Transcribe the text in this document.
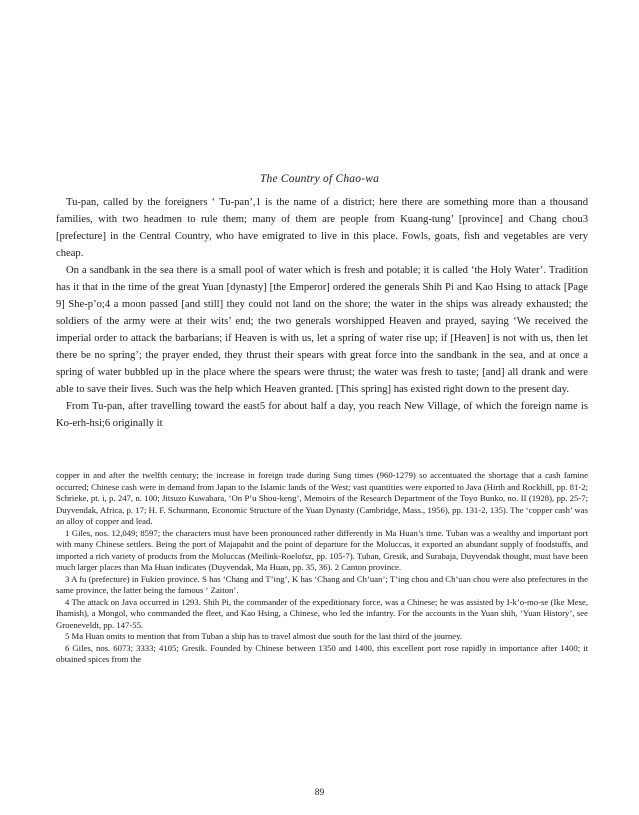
The Country of Chao-wa

Tu-pan, called by the foreigners ‘ Tu-pan’,1 is the name of a district; here there are something more than a thousand families, with two headmen to rule them; many of them are people from Kuang-tung’ [province] and Chang chou3 [prefecture] in the Central Country, who have emigrated to live in this place. Fowls, goats, fish and vegetables are very cheap.

On a sandbank in the sea there is a small pool of water which is fresh and potable; it is called ‘the Holy Water’. Tradition has it that in the time of the great Yuan [dynasty] [the Emperor] ordered the generals Shih Pi and Kao Hsing to attack [Page 9] She-p’o;4 a moon passed [and still] they could not land on the shore; the water in the ships was already exhausted; the soldiers of the army were at their wits’ end; the two generals worshipped Heaven and prayed, saying ‘We received the imperial order to attack the barbarians; if Heaven is with us, let a spring of water rise up; if [Heaven] is not with us, then let there be no spring’; the prayer ended, they thrust their spears with great force into the sandbank in the sea, and at once a spring of water bubbled up in the place where the spears were thrust; the water was fresh to taste; [and] all drank and were able to save their lives. Such was the help which Heaven granted. [This spring] has existed right down to the present day.

From Tu-pan, after travelling toward the east5 for about half a day, you reach New Village, of which the foreign name is Ko-erh-hsi;6 originally it

copper in and after the twelfth century; the increase in foreign trade during Sung times (960-1279) so accentuated the shortage that a cash famine occurred; Chinese cash were in demand from Japan to the Islamic lands of the West; vast quantities were exported to Java (Hirth and Rockhill, pp. 81-2; Schrieke, pt. i, p. 247, n. 100; Jitsuzo Kuwabara, ‘On P’u Shou-keng’, Memoirs of the Research Department of the Toyo Bunko, no. II (1928), pp. 25-7; Duyvendak, Africa, p. 17; H. F. Schurmann, Economic Structure of the Yuan Dynasty (Cambridge, Mass., 1956), pp. 131-2, 135). The ‘copper cash’ was an alloy of copper and lead.

1 Giles, nos. 12,049; 8597; the characters must have been pronounced rather differently in Ma Huan’s time. Tuban was a wealthy and important port with many Chinese settlers. Being the port of Majapahit and the point of departure for the Moluccas, it exported an abundant supply of foodstuffs, and imported a rich variety of products from the Moluccas (Meilink-Roelofsz, pp. 105-7). Tuban, Gresik, and Surabaja, Duyvendak thought, must have been much larger places than Ma Huan indicates (Duyvendak, Ma Huan, pp. 35, 36). 2 Canton province.

3 A fu (prefecture) in Fukien province. S has ‘Chang and T’ing’, K has ‘Chang and Ch’uan’; T’ing chou and Ch’uan chou were also prefectures in the same province, the latter being the famous ‘ Zaiton’.

4 The attack on Java occurred in 1293. Shih Pi, the commander of the expeditionary force, was a Chinese; he was assisted by I-k’o-mo-se (Ike Mese, Ihamish), a Mongol, who commanded the fleet, and Kao Hsing, a Chinese, who led the infantry. For the accounts in the Yuan shih, ‘Yuan History’, see Groeneveldt, pp. 147-55.

5 Ma Huan omits to mention that from Tuban a ship has to travel almost due south for the last third of the journey.

6 Giles, nos. 6073; 3333; 4105; Gresik. Founded by Chinese between 1350 and 1400, this excellent port rose rapidly in importance after 1400; it obtained spices from the

89
